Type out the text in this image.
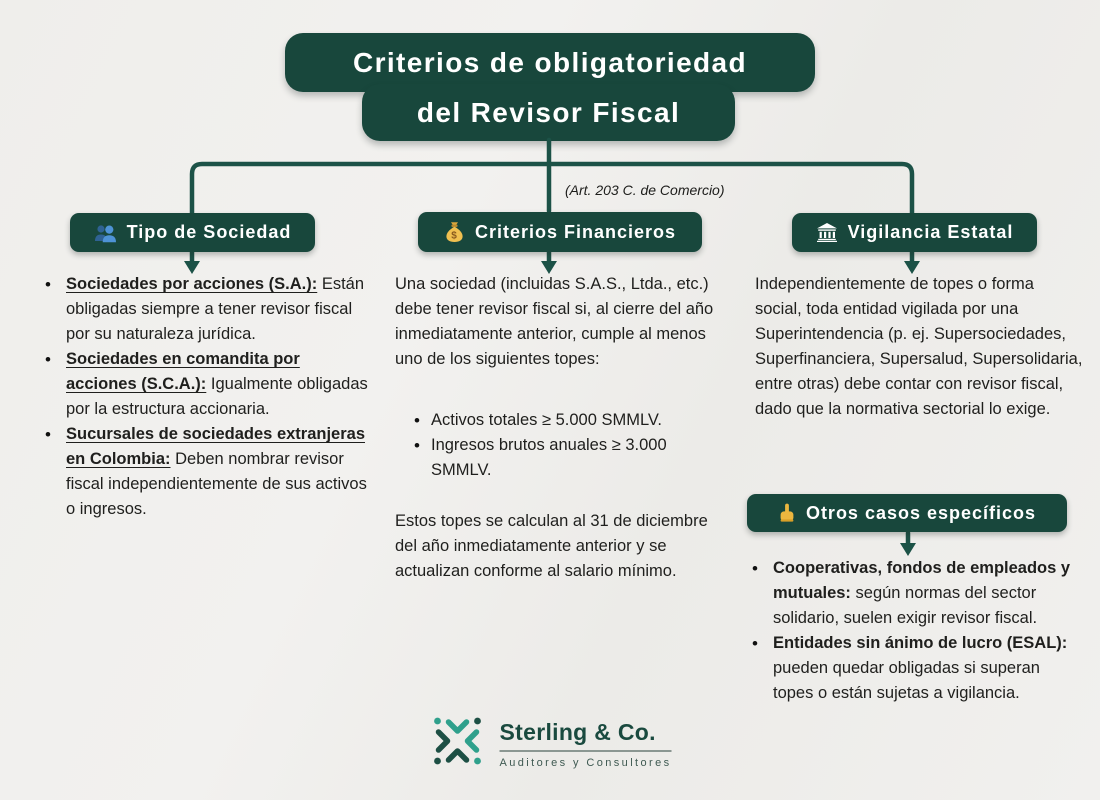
Criterios de obligatoriedad
del Revisor Fiscal
(Art. 203 C. de Comercio)
Tipo de Sociedad	$ Criterios Financieros	Vigilancia Estatal
• Sociedades por acciones (S.A.): Están obligadas siempre a tener revisor fiscal por su naturaleza jurídica.
• Sociedades en comandita por acciones (S.C.A.): Igualmente obligadas por la estructura accionaria.
• Sucursales de sociedades extranjeras en Colombia: Deben nombrar revisor fiscal independientemente de sus activos o ingresos.

Una sociedad (incluidas S.A.S., Ltda., etc.) debe tener revisor fiscal si, al cierre del año inmediatamente anterior, cumple al menos uno de los siguientes topes:

• Activos totales ≥ 5.000 SMMLV.
• Ingresos brutos anuales ≥ 3.000 SMMLV.

Estos topes se calculan al 31 de diciembre del año inmediatamente anterior y se actualizan conforme al salario mínimo.

Independientemente de topes o forma social, toda entidad vigilada por una Superintendencia (p. ej. Supersociedades, Superfinanciera, Supersalud, Supersolidaria, entre otras) debe contar con revisor fiscal, dado que la normativa sectorial lo exige.

Otros casos específicos
• Cooperativas, fondos de empleados y mutuales: según normas del sector solidario, suelen exigir revisor fiscal.
• Entidades sin ánimo de lucro (ESAL): pueden quedar obligadas si superan topes o están sujetas a vigilancia.
Sterling & Co.
Auditores y Consultores
